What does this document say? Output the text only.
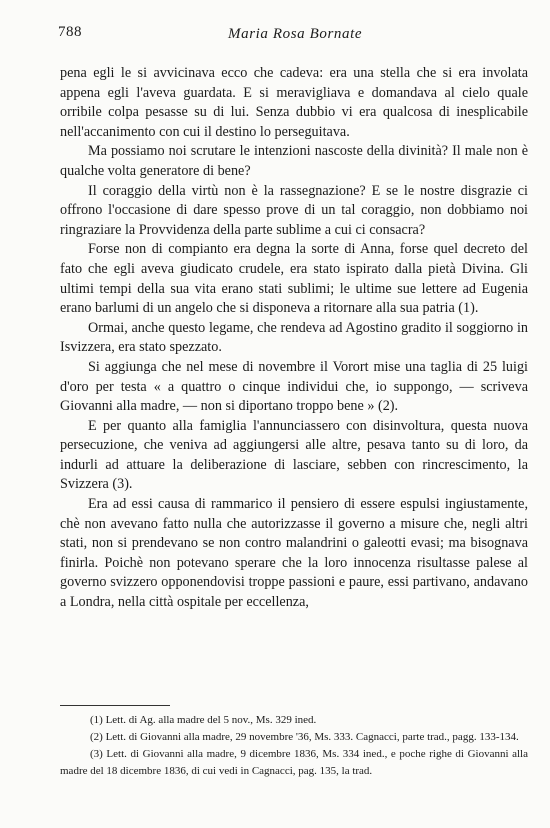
788	Maria Rosa Bornate

pena egli le si avvicinava ecco che cadeva: era una stella che si era involata appena egli l'aveva guardata. E si meravigliava e domandava al cielo quale orribile colpa pesasse su di lui. Senza dubbio vi era qualcosa di inesplicabile nell'accanimento con cui il destino lo perseguitava.

Ma possiamo noi scrutare le intenzioni nascoste della divinità? Il male non è qualche volta generatore di bene?

Il coraggio della virtù non è la rassegnazione? E se le nostre disgrazie ci offrono l'occasione di dare spesso prove di un tal coraggio, non dobbiamo noi ringraziare la Provvidenza della parte sublime a cui ci consacra?

Forse non di compianto era degna la sorte di Anna, forse quel decreto del fato che egli aveva giudicato crudele, era stato ispirato dalla pietà Divina. Gli ultimi tempi della sua vita erano stati sublimi; le ultime sue lettere ad Eugenia erano barlumi di un angelo che si disponeva a ritornare alla sua patria (1).

Ormai, anche questo legame, che rendeva ad Agostino gradito il soggiorno in Isvizzera, era stato spezzato.

Si aggiunga che nel mese di novembre il Vorort mise una taglia di 25 luigi d'oro per testa « a quattro o cinque individui che, io suppongo, — scriveva Giovanni alla madre, — non si diportano troppo bene » (2).

E per quanto alla famiglia l'annunciassero con disinvoltura, questa nuova persecuzione, che veniva ad aggiungersi alle altre, pesava tanto su di loro, da indurli ad attuare la deliberazione di lasciare, sebben con rincrescimento, la Svizzera (3).

Era ad essi causa di rammarico il pensiero di essere espulsi ingiustamente, chè non avevano fatto nulla che autorizzasse il governo a misure che, negli altri stati, non si prendevano se non contro malandrini o galeotti evasi; ma bisognava finirla. Poichè non potevano sperare che la loro innocenza risultasse palese al governo svizzero opponendovisi troppe passioni e paure, essi partivano, andavano a Londra, nella città ospitale per eccellenza,

(1) Lett. di Ag. alla madre del 5 nov., Ms. 329 ined.

(2) Lett. di Giovanni alla madre, 29 novembre '36, Ms. 333. Cagnacci, parte trad., pagg. 133-134.

(3) Lett. di Giovanni alla madre, 9 dicembre 1836, Ms. 334 ined., e poche righe di Giovanni alla madre del 18 dicembre 1836, di cui vedi in Cagnacci, pag. 135, la trad.
